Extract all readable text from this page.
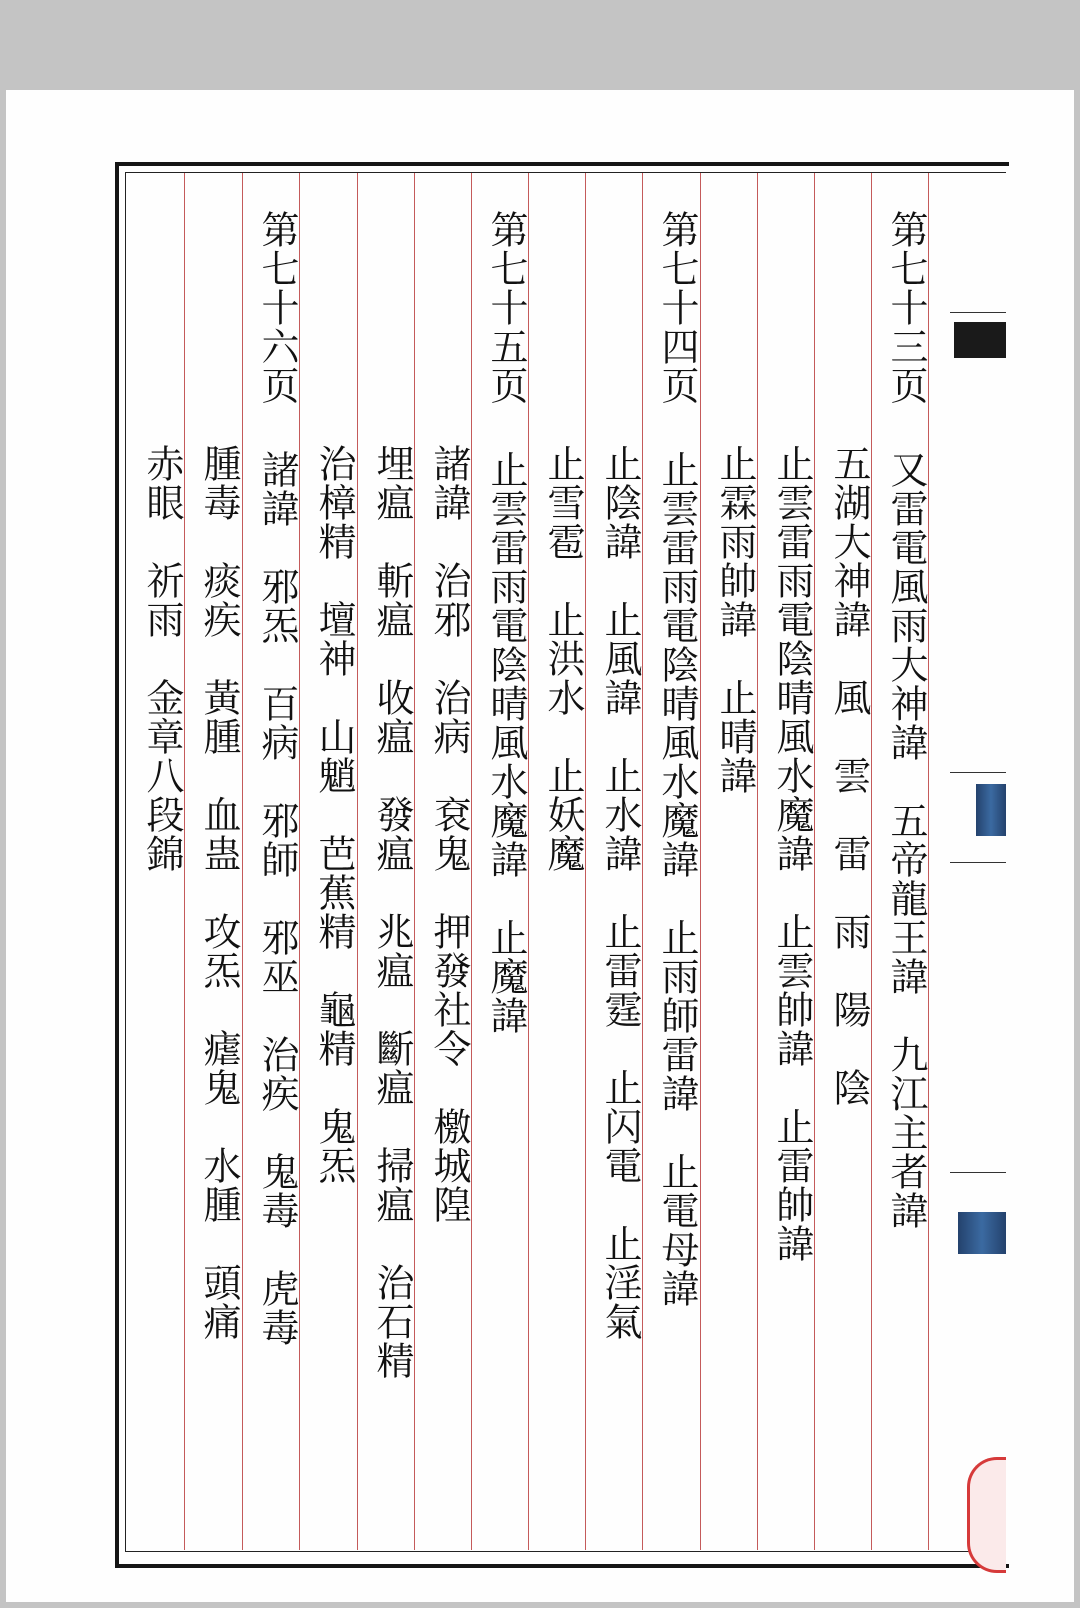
第七十三页 又雷電風雨大神諱　五帝龍王諱　九江主者諱
　　　　　　五湖大神諱　風　雲　雷　雨　陽　陰
　　　　　　止雲雷雨電陰晴風水魔諱　止雲帥諱　止雷帥諱
　　　　　　止霖雨帥諱　止晴諱
第七十四页 止雲雷雨電陰晴風水魔諱　止雨師雷諱　止電母諱
　　　　　　止陰諱　止風諱　止水諱　止雷霆　止闪電　止淫氣
　　　　　　止雪雹　止洪水　止妖魔
第七十五页 止雲雷雨電陰晴風水魔諱　止魔諱
　　　　　　諸諱　治邪　治病　袞鬼　押發社令　檄城隍
　　　　　　埋瘟　斬瘟　收瘟　發瘟　兆瘟　斷瘟　掃瘟　治石精
　　　　　　治樟精　壇神　山魈　芭蕉精　龜精　鬼炁
第七十六页 諸諱　邪炁　百病　邪師　邪巫　治疾　鬼毒　虎毒
　　　　　　腫毒　痰疾　黃腫　血蛊　攻炁　瘧鬼　水腫　頭痛
　　　　　　赤眼　祈雨　金章八段錦
